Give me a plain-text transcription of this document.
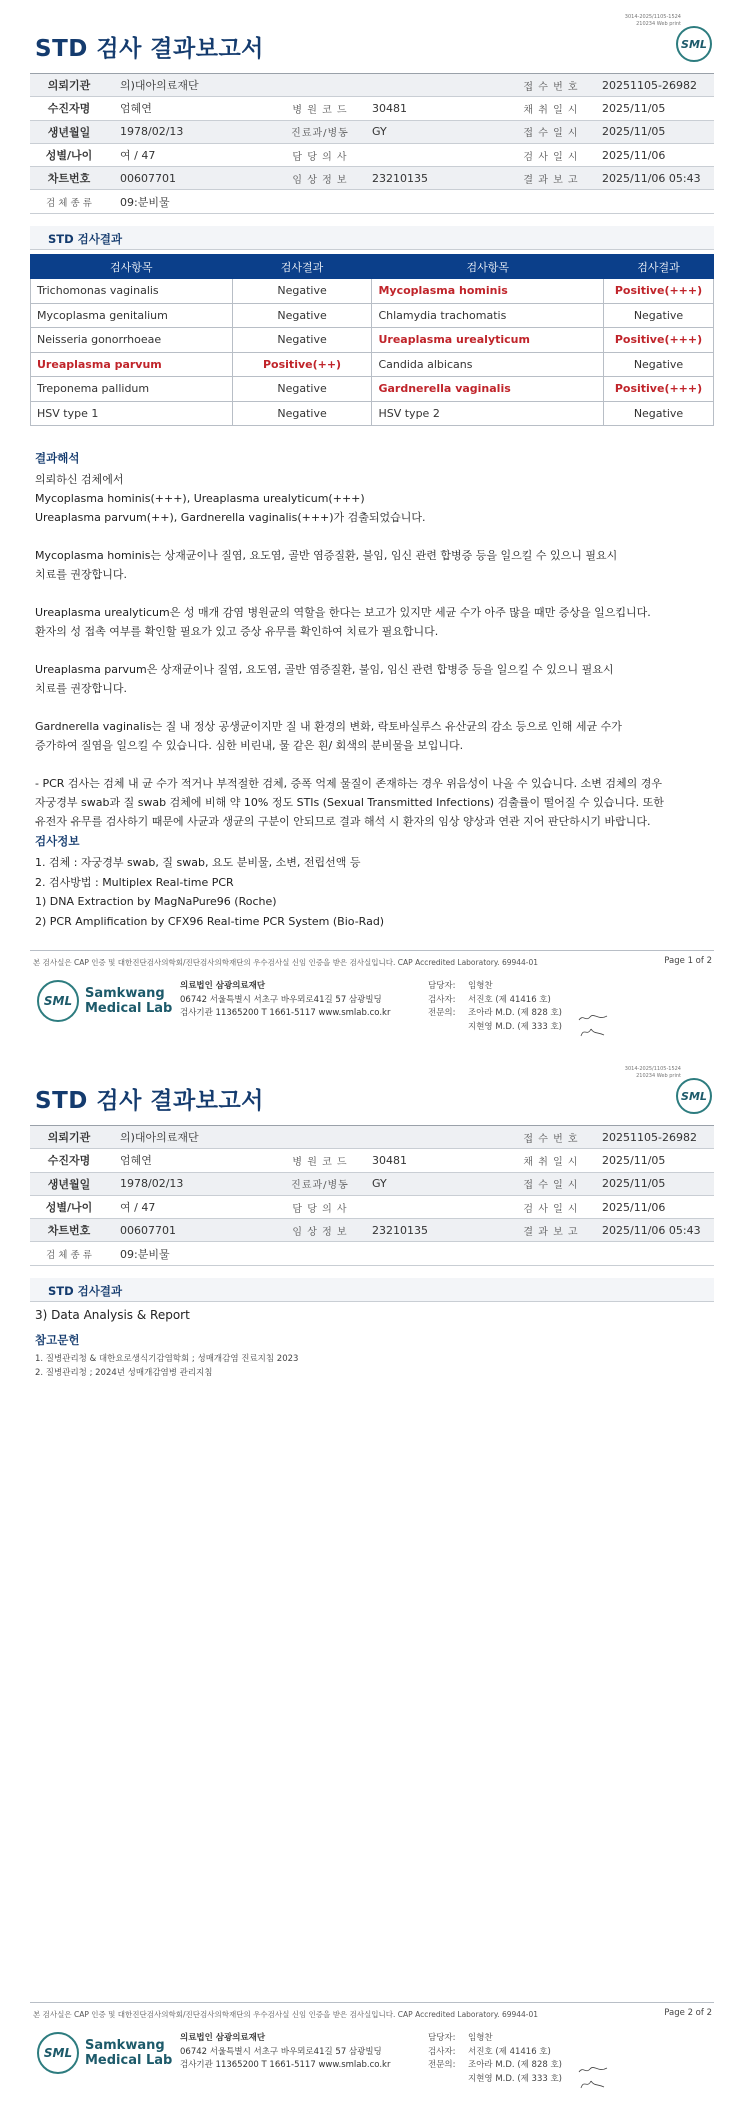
3014-2025/1105-1524
210234 Web print
STD 검사 결과보고서	SML
의뢰기관	의)대아의료재단			접 수 번 호	20251105-26982
수진자명	엄혜연	병 원 코 드	30481	채 취 일 시	2025/11/05
생년월일	1978/02/13	진료과/병동	GY	접 수 일 시	2025/11/05
성별/나이	여 / 47	담 당 의 사		검 사 일 시	2025/11/06
차트번호	00607701	임 상 정 보	23210135	결 과 보 고	2025/11/06 05:43
검 체 종 류	09:분비물				
STD 검사결과
검사항목	검사결과	검사항목	검사결과
Trichomonas vaginalis	Negative	Mycoplasma hominis	Positive(+++)
Mycoplasma genitalium	Negative	Chlamydia trachomatis	Negative
Neisseria gonorrhoeae	Negative	Ureaplasma urealyticum	Positive(+++)
Ureaplasma parvum	Positive(++)	Candida albicans	Negative
Treponema pallidum	Negative	Gardnerella vaginalis	Positive(+++)
HSV type 1	Negative	HSV type 2	Negative
결과해석

의뢰하신 검체에서

Mycoplasma hominis(+++), Ureaplasma urealyticum(+++)

Ureaplasma parvum(++), Gardnerella vaginalis(+++)가 검출되었습니다.

Mycoplasma hominis는 상재균이나 질염, 요도염, 골반 염증질환, 불임, 임신 관련 합병증 등을 일으킬 수 있으니 필요시

치료를 권장합니다.

Ureaplasma urealyticum은 성 매개 감염 병원균의 역할을 한다는 보고가 있지만 세균 수가 아주 많을 때만 증상을 일으킵니다.

환자의 성 접촉 여부를 확인할 필요가 있고 증상 유무를 확인하여 치료가 필요합니다.

Ureaplasma parvum은 상재균이나 질염, 요도염, 골반 염증질환, 불임, 임신 관련 합병증 등을 일으킬 수 있으니 필요시

치료를 권장합니다.

Gardnerella vaginalis는 질 내 정상 공생균이지만 질 내 환경의 변화, 락토바실루스 유산균의 감소 등으로 인해 세균 수가

증가하여 질염을 일으킬 수 있습니다. 심한 비린내, 물 같은 흰/ 회색의 분비물을 보입니다.

- PCR 검사는 검체 내 균 수가 적거나 부적절한 검체, 증폭 억제 물질이 존재하는 경우 위음성이 나올 수 있습니다. 소변 검체의 경우

자궁경부 swab과 질 swab 검체에 비해 약 10% 정도 STIs (Sexual Transmitted Infections) 검출률이 떨어질 수 있습니다. 또한

유전자 유무를 검사하기 때문에 사균과 생균의 구분이 안되므로 결과 해석 시 환자의 임상 양상과 연관 지어 판단하시기 바랍니다.

검사정보
1. 검체 : 자궁경부 swab, 질 swab, 요도 분비물, 소변, 전립선액 등
2. 검사방법 : Multiplex Real-time PCR
1) DNA Extraction by MagNaPure96 (Roche)
2) PCR Amplification by CFX96 Real-time PCR System (Bio-Rad)
본 검사실은 CAP 인증 및 대한진단검사의학회/진단검사의학재단의 우수검사실 신임 인증을 받은 검사실입니다. CAP Accredited Laboratory. 69944-01	Page 1 of 2
SML Samkwang
Medical Lab
의료법인 삼광의료재단
06742 서울특별시 서초구 바우뫼로41길 57 삼광빌딩
검사기관 11365200 T 1661-5117 www.smlab.co.kr
담당자:	임형찬
검사자:	서진호 (제 41416 호)
전문의:	조아라 M.D. (제 828 호)
지현영 M.D. (제 333 호)
3014-2025/1105-1524
210234 Web print
STD 검사 결과보고서	SML
의뢰기관	의)대아의료재단			접 수 번 호	20251105-26982
수진자명	엄혜연	병 원 코 드	30481	채 취 일 시	2025/11/05
생년월일	1978/02/13	진료과/병동	GY	접 수 일 시	2025/11/05
성별/나이	여 / 47	담 당 의 사		검 사 일 시	2025/11/06
차트번호	00607701	임 상 정 보	23210135	결 과 보 고	2025/11/06 05:43
검 체 종 류	09:분비물				
STD 검사결과
3) Data Analysis & Report
참고문헌
1. 질병관리청 & 대한요로생식기감염학회 ; 성매개감염 진료지침 2023
2. 질병관리청 ; 2024년 성매개감염병 관리지침
본 검사실은 CAP 인증 및 대한진단검사의학회/진단검사의학재단의 우수검사실 신임 인증을 받은 검사실입니다. CAP Accredited Laboratory. 69944-01	Page 2 of 2
SML Samkwang
Medical Lab
의료법인 삼광의료재단
06742 서울특별시 서초구 바우뫼로41길 57 삼광빌딩
검사기관 11365200 T 1661-5117 www.smlab.co.kr
담당자:	임형찬
검사자:	서진호 (제 41416 호)
전문의:	조아라 M.D. (제 828 호)
지현영 M.D. (제 333 호)
